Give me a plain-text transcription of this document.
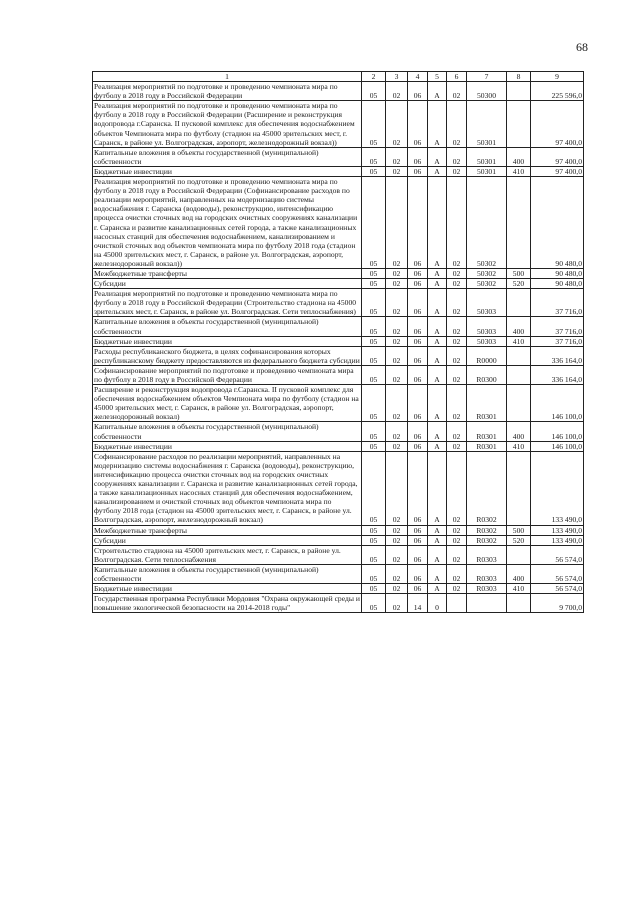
68
1	2	3	4	5	6	7	8	9
Реализация мероприятий по подготовке и проведению чемпионата мира по футболу в 2018 году в Российской Федерации	05	02	06	А	02	50300		225 596,0
Реализация мероприятий по подготовке и проведению чемпионата мира по футболу в 2018 году в Российской Федерации (Расширение и реконструкция водопровода г.Саранска. II пусковой комплекс для обеспечения водоснабжением объектов Чемпионата мира по футболу (стадион на 45000 зрительских мест, г. Саранск, в районе ул. Волгоградская, аэропорт, железнодорожный вокзал))	05	02	06	А	02	50301		97 400,0
Капитальные вложения в объекты государственной (муниципальной) собственности	05	02	06	А	02	50301	400	97 400,0
Бюджетные инвестиции	05	02	06	А	02	50301	410	97 400,0
Реализация мероприятий по подготовке и проведению чемпионата мира по футболу в 2018 году в Российской Федерации (Софинансирование расходов по реализации мероприятий, направленных на модернизацию системы водоснабжения г. Саранска (водоводы), реконструкцию, интенсификацию процесса очистки сточных вод на городских очистных сооружениях канализации г. Саранска и развитие канализационных сетей города, а также канализационных насосных станций для обеспечения водоснабжением, канализированием и очисткой сточных вод объектов чемпионата мира по футболу 2018 года (стадион на 45000 зрительских мест, г. Саранск, в районе ул. Волгоградская, аэропорт, железнодорожный вокзал))	05	02	06	А	02	50302		90 480,0
Межбюджетные трансферты	05	02	06	А	02	50302	500	90 480,0
Субсидии	05	02	06	А	02	50302	520	90 480,0
Реализация мероприятий по подготовке и проведению чемпионата мира по футболу в 2018 году в Российской Федерации (Строительство стадиона на 45000 зрительских мест, г. Саранск, в районе ул. Волгоградская. Сети теплоснабжения)	05	02	06	А	02	50303		37 716,0
Капитальные вложения в объекты государственной (муниципальной) собственности	05	02	06	А	02	50303	400	37 716,0
Бюджетные инвестиции	05	02	06	А	02	50303	410	37 716,0
Расходы республиканского бюджета, в целях софинансирования которых республиканскому бюджету предоставляются из федерального бюджета субсидии	05	02	06	А	02	R0000		336 164,0
Софинансирование мероприятий по подготовке и проведению чемпионата мира по футболу в 2018 году в Российской Федерации	05	02	06	А	02	R0300		336 164,0
Расширение и реконструкция водопровода г.Саранска. II пусковой комплекс для обеспечения водоснабжением объектов Чемпионата мира по футболу (стадион на 45000 зрительских мест, г. Саранск, в районе ул. Волгоградская, аэропорт, железнодорожный вокзал)	05	02	06	А	02	R0301		146 100,0
Капитальные вложения в объекты государственной (муниципальной) собственности	05	02	06	А	02	R0301	400	146 100,0
Бюджетные инвестиции	05	02	06	А	02	R0301	410	146 100,0
Софинансирование расходов по реализации мероприятий, направленных на модернизацию системы водоснабжения г. Саранска (водоводы), реконструкцию, интенсификацию процесса очистки сточных вод на городских очистных сооружениях канализации г. Саранска и развитие канализационных сетей города, а также канализационных насосных станций для обеспечения водоснабжением, канализированием и очисткой сточных вод объектов чемпионата мира по футболу 2018 года (стадион на 45000 зрительских мест, г. Саранск, в районе ул. Волгоградская, аэропорт, железнодорожный вокзал)	05	02	06	А	02	R0302		133 490,0
Межбюджетные трансферты	05	02	06	А	02	R0302	500	133 490,0
Субсидии	05	02	06	А	02	R0302	520	133 490,0
Строительство стадиона на 45000 зрительских мест, г. Саранск, в районе ул. Волгоградская. Сети теплоснабжения	05	02	06	А	02	R0303		56 574,0
Капитальные вложения в объекты государственной (муниципальной) собственности	05	02	06	А	02	R0303	400	56 574,0
Бюджетные инвестиции	05	02	06	А	02	R0303	410	56 574,0
Государственная программа Республики Мордовия "Охрана окружающей среды и повышение экологической безопасности на 2014-2018 годы"	05	02	14	0				9 700,0
